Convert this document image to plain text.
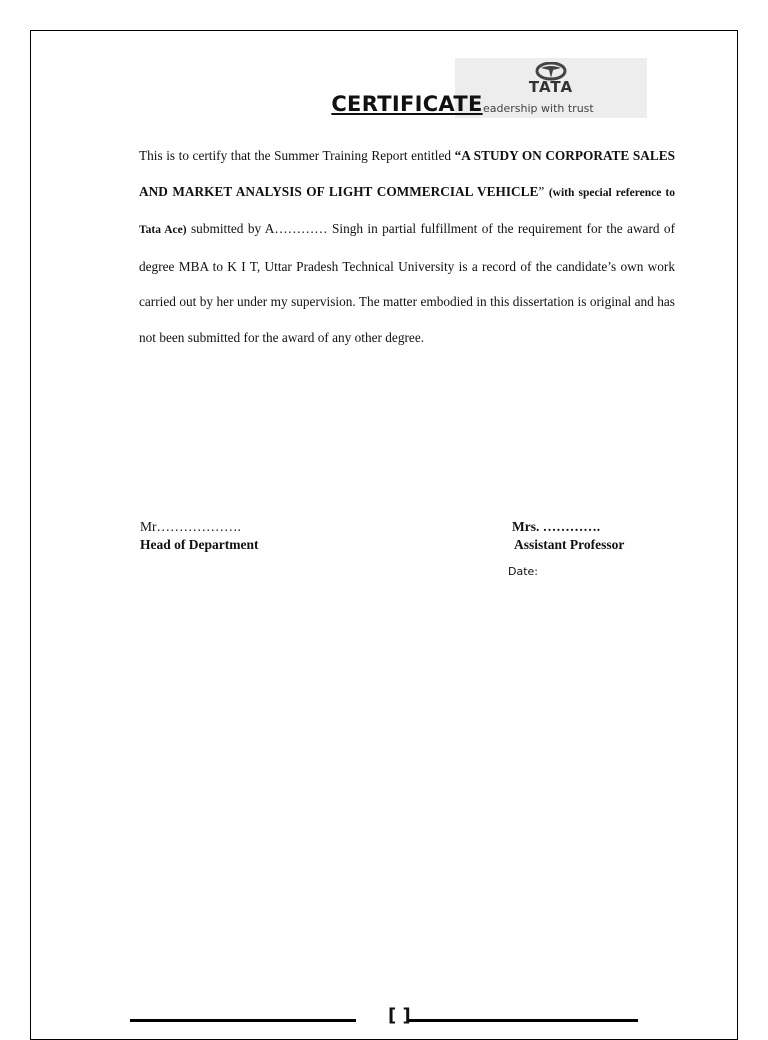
TATA
eadership with trust
CERTIFICATE
This is to certify that the Summer Training Report entitled “A STUDY ON CORPORATE SALES AND MARKET ANALYSIS OF LIGHT COMMERCIAL VEHICLE” (with special reference to Tata Ace) submitted by A………… Singh in partial fulfillment of the requirement for the award of degree MBA to K I T, Uttar Pradesh Technical University is a record of the candidate’s own work carried out by her under my supervision. The matter embodied in this dissertation is original and has not been submitted for the award of any other degree.
Mr……………….
Head of Department
Mrs. ………….
Assistant Professor
Date:
[ ]
